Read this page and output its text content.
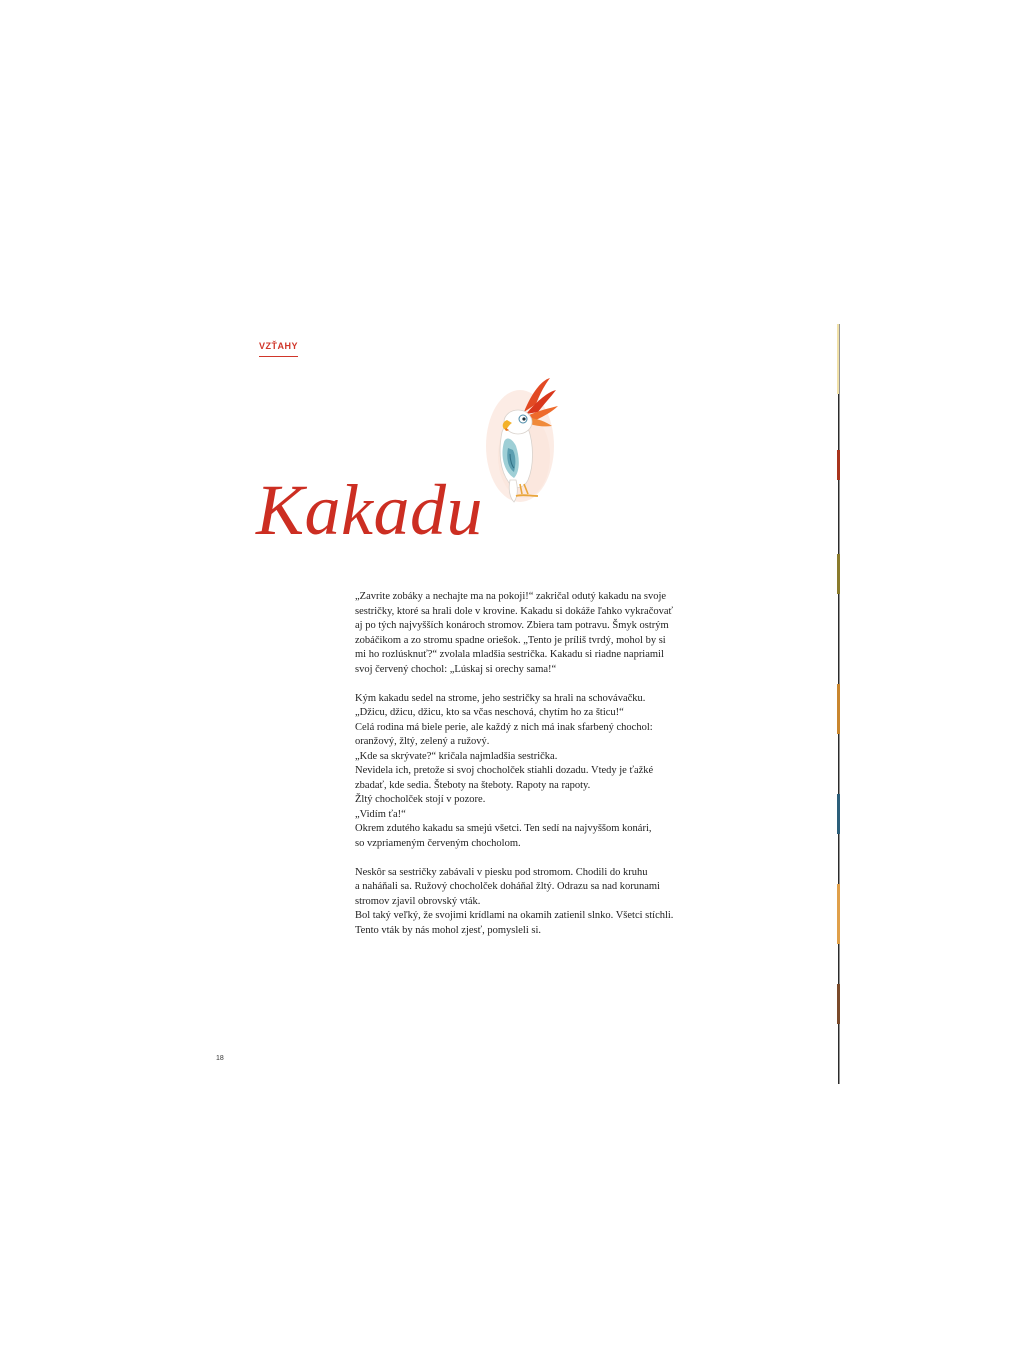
VZŤAHY
Kakadu

„Zavrite zobáky a nechajte ma na pokoji!“ zakričal odutý kakadu na svoje
sestričky, ktoré sa hrali dole v krovine. Kakadu si dokáže ľahko vykračovať
aj po tých najvyšších konároch stromov. Zbiera tam potravu. Šmyk ostrým
zobáčikom a zo stromu spadne oriešok. „Tento je príliš tvrdý, mohol by si
mi ho rozlúsknuť?“ zvolala mladšia sestrička. Kakadu si riadne napriamil
svoj červený chochol: „Lúskaj si orechy sama!“

Kým kakadu sedel na strome, jeho sestričky sa hrali na schovávačku.
„Džicu, džicu, džicu, kto sa včas neschová, chytím ho za šticu!“
Celá rodina má biele perie, ale každý z nich má inak sfarbený chochol:
oranžový, žltý, zelený a ružový.
„Kde sa skrývate?“ kričala najmladšia sestrička.
Nevidela ich, pretože si svoj chocholček stiahli dozadu. Vtedy je ťažké
zbadať, kde sedia. Šteboty na šteboty. Rapoty na rapoty.
Žltý chocholček stojí v pozore.
„Vidím ťa!“
Okrem zdutého kakadu sa smejú všetci. Ten sedí na najvyššom konári,
so vzpriameným červeným chocholom.

Neskôr sa sestričky zabávali v piesku pod stromom. Chodili do kruhu
a naháňali sa. Ružový chocholček doháňal žltý. Odrazu sa nad korunami
stromov zjavil obrovský vták.
Bol taký veľký, že svojimi krídlami na okamih zatienil slnko. Všetci stíchli.
Tento vták by nás mohol zjesť, pomysleli si.

18
